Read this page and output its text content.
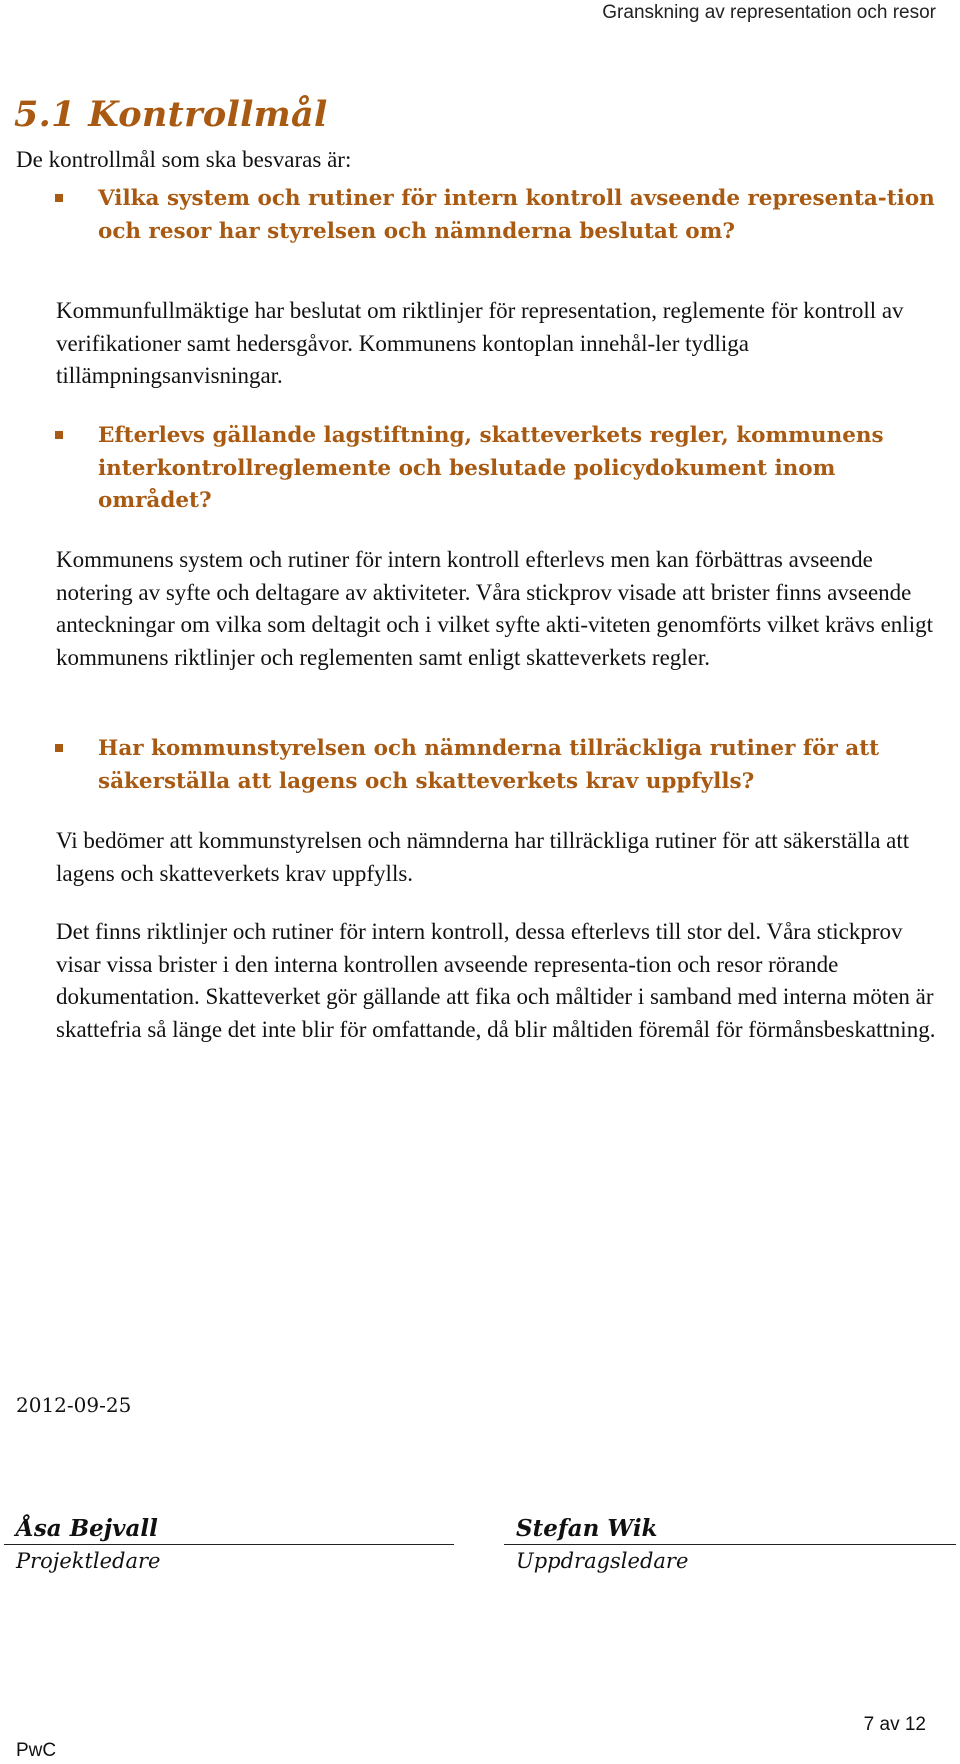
Granskning av representation och resor
5.1 Kontrollmål
De kontrollmål som ska besvaras är:

Vilka system och rutiner för intern kontroll avseende representa-tion och resor har styrelsen och nämnderna beslutat om?

Kommunfullmäktige har beslutat om riktlinjer för representation, reglemente för kontroll av verifikationer samt hedersgåvor. Kommunens kontoplan innehål-ler tydliga tillämpningsanvisningar.

Efterlevs gällande lagstiftning, skatteverkets regler, kommunens interkontrollreglemente och beslutade policydokument inom området?

Kommunens system och rutiner för intern kontroll efterlevs men kan förbättras avseende notering av syfte och deltagare av aktiviteter. Våra stickprov visade att brister finns avseende anteckningar om vilka som deltagit och i vilket syfte akti-viteten genomförts vilket krävs enligt kommunens riktlinjer och reglementen samt enligt skatteverkets regler.

Har kommunstyrelsen och nämnderna tillräckliga rutiner för att säkerställa att lagens och skatteverkets krav uppfylls?

Vi bedömer att kommunstyrelsen och nämnderna har tillräckliga rutiner för att säkerställa att lagens och skatteverkets krav uppfylls.

Det finns riktlinjer och rutiner för intern kontroll, dessa efterlevs till stor del. Våra stickprov visar vissa brister i den interna kontrollen avseende representa-tion och resor rörande dokumentation. Skatteverket gör gällande att fika och måltider i samband med interna möten är skattefria så länge det inte blir för omfattande, då blir måltiden föremål för förmånsbeskattning.

2012-09-25
Åsa Bejvall
Projektledare
Stefan Wik
Uppdragsledare
7 av 12
PwC
